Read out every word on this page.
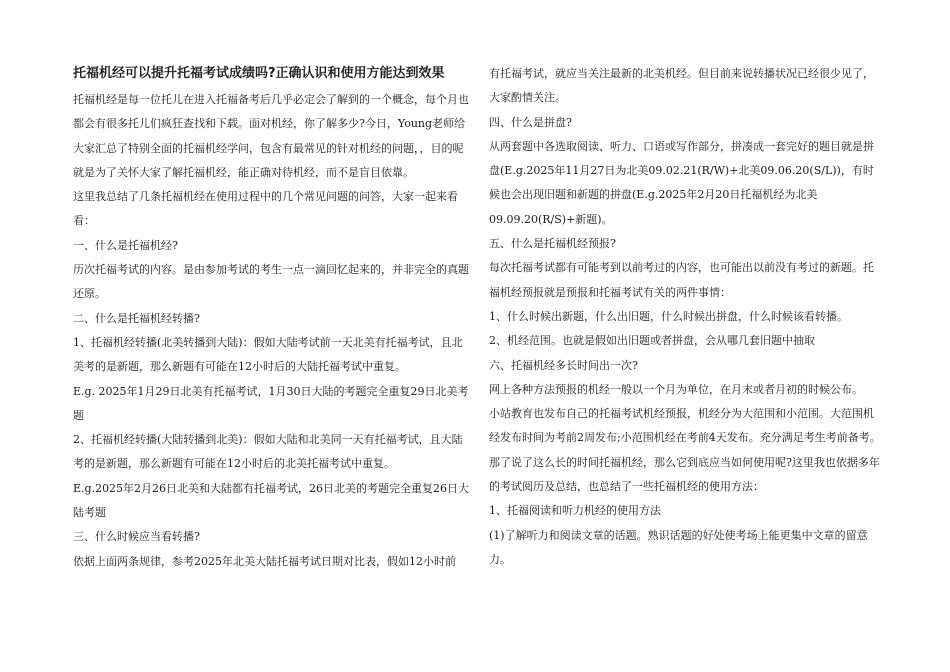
托福机经可以提升托福考试成绩吗?正确认识和使用方能达到效果

托福机经是每一位托儿在进入托福备考后几乎必定会了解到的一个概念，每个月也都会有很多托儿们疯狂查找和下载。面对机经，你了解多少?今日，Young老师给大家汇总了特别全面的托福机经学问，包含有最常见的针对机经的问题，，目的呢就是为了关怀大家了解托福机经，能正确对待机经，而不是盲目依靠。

这里我总结了几条托福机经在使用过程中的几个常见问题的问答，大家一起来看看：

一、什么是托福机经?

历次托福考试的内容。是由参加考试的考生一点一滴回忆起来的，并非完全的真题还原。

二、什么是托福机经转播?

1、托福机经转播(北美转播到大陆)：假如大陆考试前一天北美有托福考试，且北美考的是新题，那么新题有可能在12小时后的大陆托福考试中重复。

E.g. 2025年1月29日北美有托福考试，1月30日大陆的考题完全重复29日北美考题

2、托福机经转播(大陆转播到北美)：假如大陆和北美同一天有托福考试，且大陆考的是新题，那么新题有可能在12小时后的北美托福考试中重复。

E.g.2025年2月26日北美和大陆都有托福考试，26日北美的考题完全重复26日大陆考题

三、什么时候应当看转播?

依据上面两条规律，参考2025年北美大陆托福考试日期对比表，假如12小时前

有托福考试，就应当关注最新的北美机经。但目前来说转播状况已经很少见了，大家酌情关注。

四、什么是拼盘?

从两套题中各选取阅读、听力、口语或写作部分，拼凑成一套完好的题目就是拼盘(E.g.2025年11月27日为北美09.02.21(R/W)+北美09.06.20(S/L))，有时候也会出现旧题和新题的拼盘(E.g.2025年2月20日托福机经为北美09.09.20(R/S)+新题)。

五、什么是托福机经预报?

每次托福考试都有可能考到以前考过的内容，也可能出以前没有考过的新题。托福机经预报就是预报和托福考试有关的两件事情：

1、什么时候出新题，什么出旧题，什么时候出拼盘，什么时候该看转播。

2、机经范围。也就是假如出旧题或者拼盘，会从哪几套旧题中抽取

六、托福机经多长时间出一次?

网上各种方法预报的机经一般以一个月为单位，在月末或者月初的时候公布。

小站教育也发布自己的托福考试机经预报，机经分为大范围和小范围。大范围机经发布时间为考前2周发布;小范围机经在考前4天发布。充分满足考生考前备考。

那了说了这么长的时间托福机经，那么它到底应当如何使用呢?这里我也依据多年的考试阅历及总结，也总结了一些托福机经的使用方法：

1、托福阅读和听力机经的使用方法

(1)了解听力和阅读文章的话题。熟识话题的好处使考场上能更集中文章的留意力。
